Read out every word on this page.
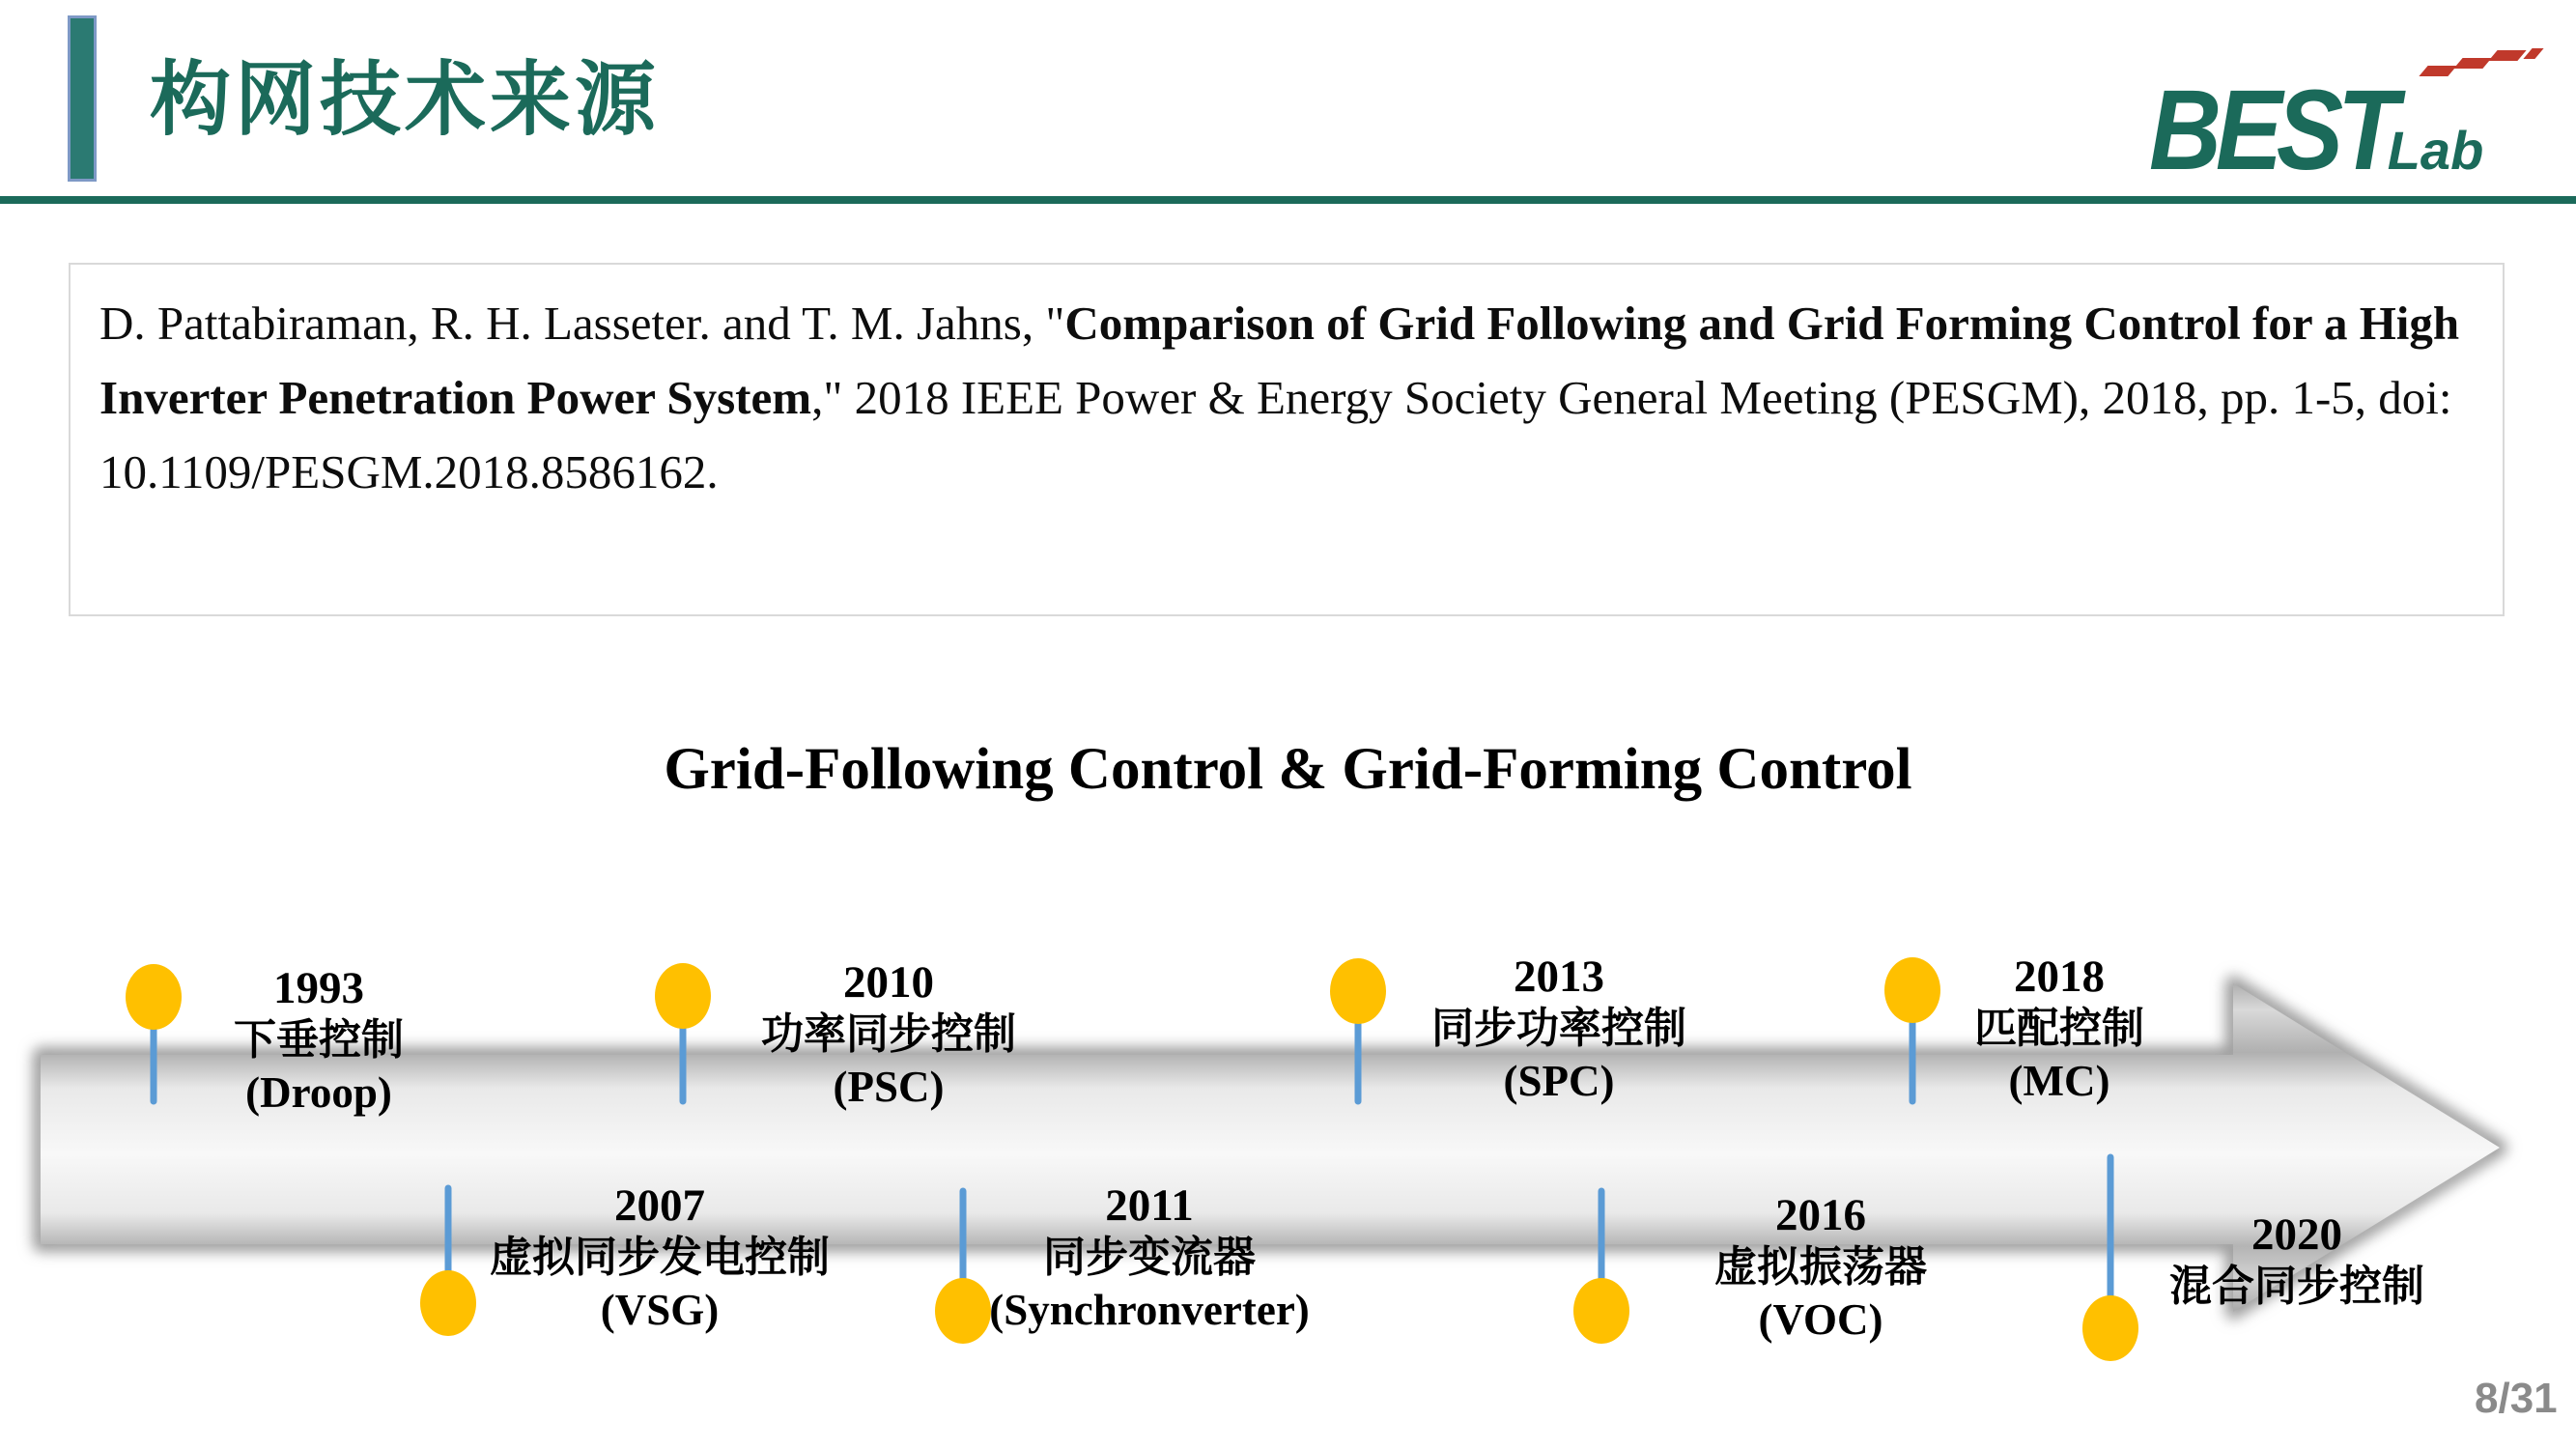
构网技术来源	BEST
Lab
D. Pattabiraman, R. H. Lasseter. and T. M. Jahns, "Comparison of Grid Following and Grid Forming Control for a High Inverter Penetration Power System," 2018 IEEE Power & Energy Society General Meeting (PESGM), 2018, pp. 1-5, doi: 10.1109/PESGM.2018.8586162.
Grid-Following Control & Grid-Forming Control
1993
下垂控制
(Droop)
2007
虚拟同步发电控制
(VSG)
2010
功率同步控制
(PSC)
2011
同步变流器
(Synchronverter)
2013
同步功率控制
(SPC)
2016
虚拟振荡器
(VOC)
2018
匹配控制
(MC)
2020
混合同步控制
8/31
